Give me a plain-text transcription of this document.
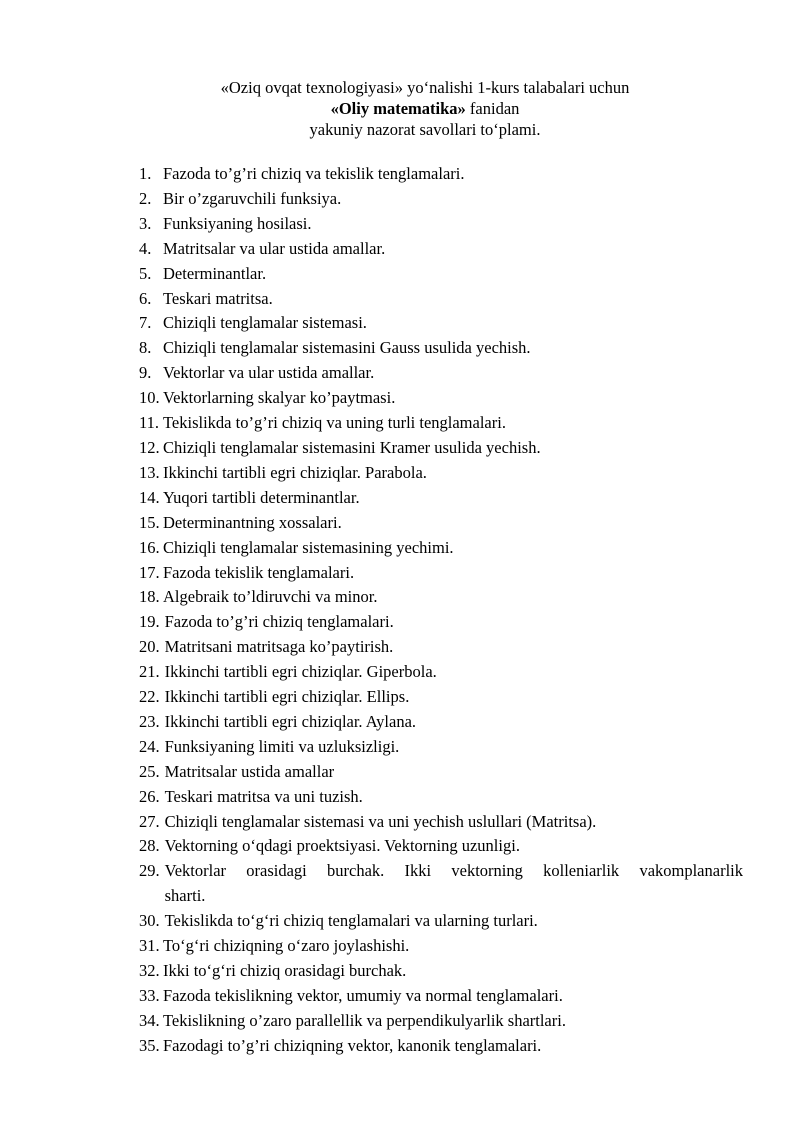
«Oziq ovqat texnologiyasi» yo‘nalishi 1-kurs talabalari uchun
«Oliy matematika» fanidan
yakuniy nazorat savollari to‘plami.
1. Fazoda to’g’ri chiziq va tekislik tenglamalari.
2. Bir o’zgaruvchili funksiya.
3. Funksiyaning hosilasi.
4. Matritsalar va ular ustida amallar.
5. Determinantlar.
6. Teskari matritsa.
7. Chiziqli tenglamalar sistemasi.
8. Chiziqli tenglamalar sistemasini Gauss usulida yechish.
9. Vektorlar va ular ustida amallar.
10. Vektorlarning skalyar ko’paytmasi.
11. Tekislikda to’g’ri chiziq va uning turli tenglamalari.
12. Chiziqli tenglamalar sistemasini Kramer usulida yechish.
13. Ikkinchi tartibli egri chiziqlar. Parabola.
14. Yuqori tartibli determinantlar.
15. Determinantning xossalari.
16. Chiziqli tenglamalar sistemasining yechimi.
17. Fazoda tekislik tenglamalari.
18. Algebraik to’ldiruvchi va minor.
19. Fazoda to’g’ri chiziq tenglamalari.
20. Matritsani matritsaga ko’paytirish.
21. Ikkinchi tartibli egri chiziqlar. Giperbola.
22. Ikkinchi tartibli egri chiziqlar. Ellips.
23. Ikkinchi tartibli egri chiziqlar. Aylana.
24. Funksiyaning limiti va uzluksizligi.
25. Matritsalar ustida amallar
26. Teskari matritsa va uni tuzish.
27. Chiziqli tenglamalar sistemasi va uni yechish uslullari (Matritsa).
28. Vektorning o‘qdagi proektsiyasi. Vektorning uzunligi.
29. Vektorlar orasidagi burchak. Ikki vektorning kolleniarlik vakomplanarlik
sharti.
30. Tekislikda to‘g‘ri chiziq tenglamalari va ularning turlari.
31. To‘g‘ri chiziqning o‘zaro joylashishi.
32. Ikki to‘g‘ri chiziq orasidagi burchak.
33. Fazoda tekislikning vektor, umumiy va normal tenglamalari.
34. Tekislikning o’zaro parallellik va perpendikulyarlik shartlari.
35. Fazodagi to’g’ri chiziqning vektor, kanonik tenglamalari.
